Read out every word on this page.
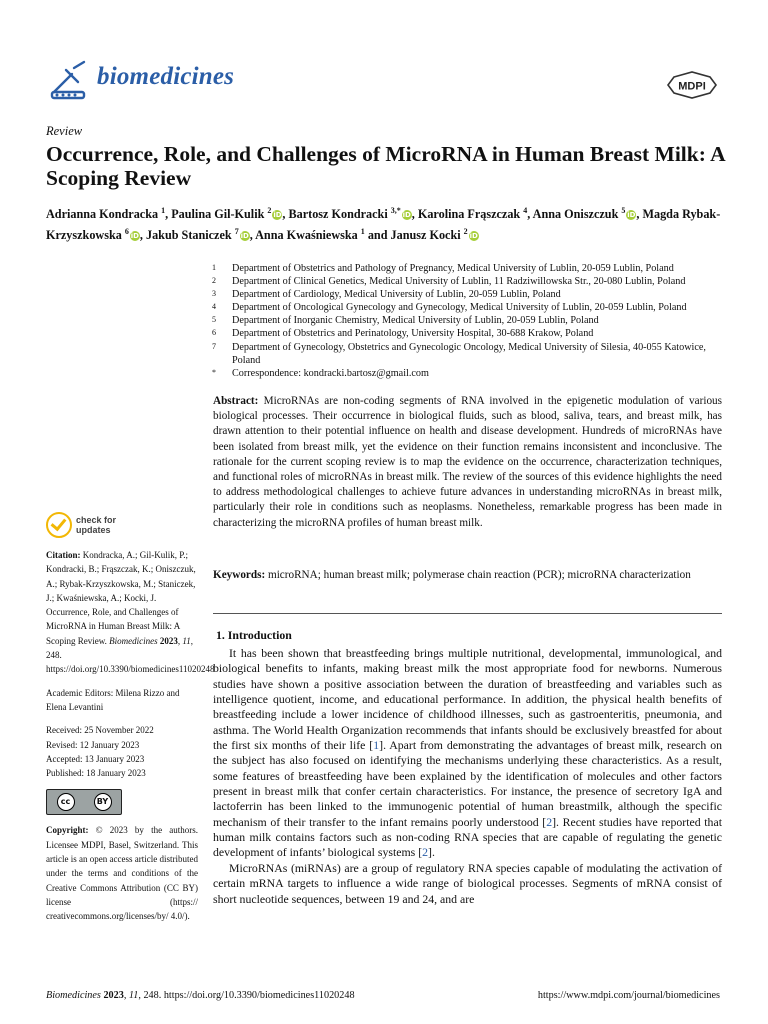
biomedicines	MDPI
Review
Occurrence, Role, and Challenges of MicroRNA in Human Breast Milk: A Scoping Review
Adrianna Kondracka $^1$, Paulina Gil-Kulik $^2$iD, Bartosz Kondracki $^{3,*}$iD, Karolina Frąszczak $^4$, Anna Oniszczuk $^5$iD, Magda Rybak-Krzyszkowska $^6$iD, Jakub Staniczek $^7$iD, Anna Kwaśniewska $^1$ and Janusz Kocki $^2$iD
1	Department of Obstetrics and Pathology of Pregnancy, Medical University of Lublin, 20-059 Lublin, Poland
2	Department of Clinical Genetics, Medical University of Lublin, 11 Radziwillowska Str., 20-080 Lublin, Poland
3	Department of Cardiology, Medical University of Lublin, 20-059 Lublin, Poland
4	Department of Oncological Gynecology and Gynecology, Medical University of Lublin, 20-059 Lublin, Poland
5	Department of Inorganic Chemistry, Medical University of Lublin, 20-059 Lublin, Poland
6	Department of Obstetrics and Perinatology, University Hospital, 30-688 Krakow, Poland
7	Department of Gynecology, Obstetrics and Gynecologic Oncology, Medical University of Silesia, 40-055 Katowice, Poland
*	Correspondence: kondracki.bartosz@gmail.com
Abstract: MicroRNAs are non-coding segments of RNA involved in the epigenetic modulation of various biological processes. Their occurrence in biological fluids, such as blood, saliva, tears, and breast milk, has drawn attention to their potential influence on health and disease development. Hundreds of microRNAs have been isolated from breast milk, yet the evidence on their function remains inconsistent and inconclusive. The rationale for the current scoping review is to map the evidence on the occurrence, characterization techniques, and functional roles of microRNAs in breast milk. The review of the sources of this evidence highlights the need to address methodological challenges to achieve future advances in understanding microRNAs in breast milk, particularly their role in conditions such as neoplasms. Nonetheless, remarkable progress has been made in characterizing the microRNA profiles of human breast milk.
Keywords: microRNA; human breast milk; polymerase chain reaction (PCR); microRNA characterization
1. Introduction

It has been shown that breastfeeding brings multiple nutritional, developmental, immunological, and biological benefits to infants, making breast milk the most appropriate food for newborns. Numerous studies have shown a positive association between the duration of breastfeeding and variables such as intelligence quotient, income, and educational performance. In addition, the physical health benefits of breastfeeding include a lower incidence of childhood illnesses, such as gastroenteritis, pneumonia, and asthma. The World Health Organization recommends that infants should be exclusively breastfed for about the first six months of their life [1]. Apart from demonstrating the advantages of breast milk, research on the subject has also focused on identifying the mechanisms underlying these characteristics. As a result, some features of breastfeeding have been explained by the identification of molecules and other factors present in breast milk that confer certain characteristics. For instance, the presence of secretory IgA and lactoferrin has been linked to the immunogenic potential of human breastmilk, although the specific mechanism of their transfer to the infant remains poorly understood [2]. Recent studies have reported that human milk contains factors such as non-coding RNA species that are capable of regulating the genetic development of infants’ biological systems [2].

MicroRNAs (miRNAs) are a group of regulatory RNA species capable of modulating the activation of certain mRNA targets to influence a wide range of biological processes. Segments of mRNA consist of short nucleotide sequences, between 19 and 24, and are

check for
updates
Citation: Kondracka, A.; Gil-Kulik, P.; Kondracki, B.; Frąszczak, K.; Oniszczuk, A.; Rybak-Krzyszkowska, M.; Staniczek, J.; Kwaśniewska, A.; Kocki, J. Occurrence, Role, and Challenges of MicroRNA in Human Breast Milk: A Scoping Review. Biomedicines 2023, 11, 248. https://doi.org/10.3390/biomedicines11020248
Academic Editors: Milena Rizzo and Elena Levantini
Received: 25 November 2022
Revised: 12 January 2023
Accepted: 13 January 2023
Published: 18 January 2023
cc	BY
Copyright: © 2023 by the authors. Licensee MDPI, Basel, Switzerland. This article is an open access article distributed under the terms and conditions of the Creative Commons Attribution (CC BY) license (https:// creativecommons.org/licenses/by/ 4.0/).
Biomedicines 2023, 11, 248. https://doi.org/10.3390/biomedicines11020248	https://www.mdpi.com/journal/biomedicines
